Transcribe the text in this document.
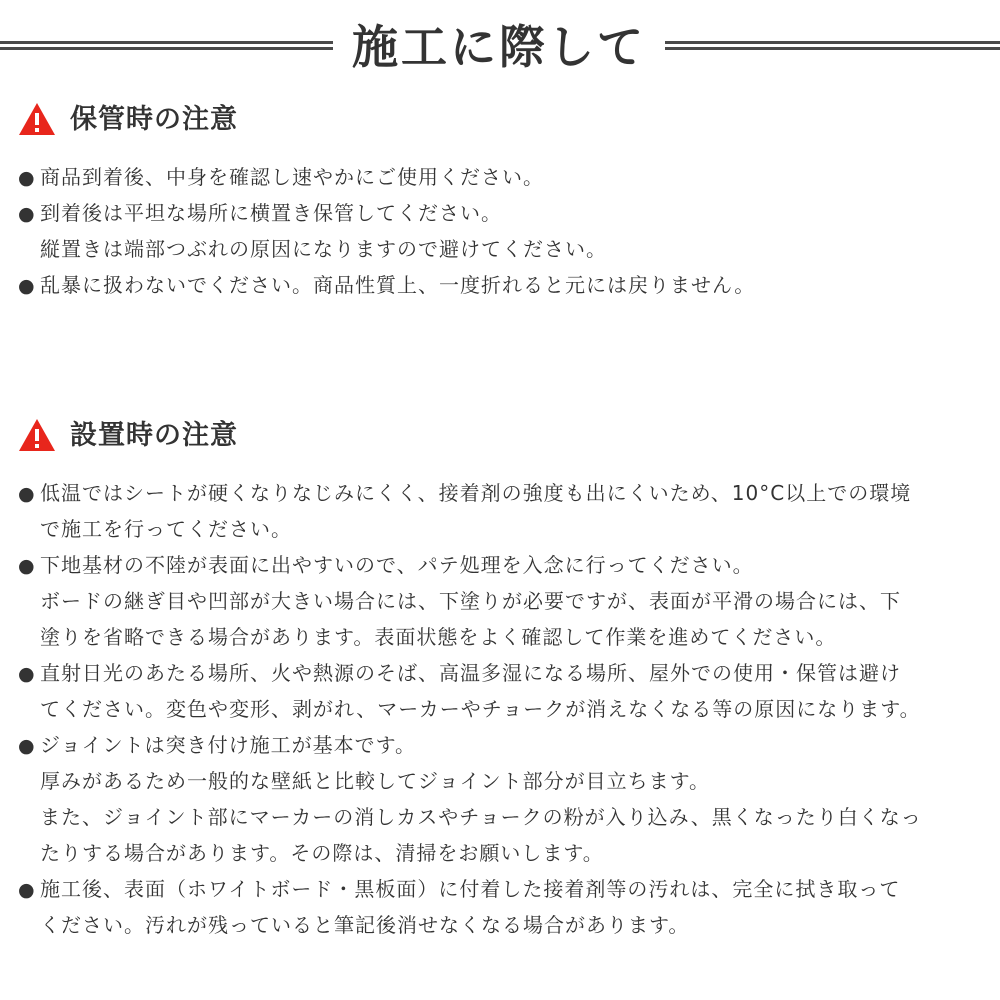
施工に際して
保管時の注意
● 商品到着後、中身を確認し速やかにご使用ください。
● 到着後は平坦な場所に横置き保管してください。
縦置きは端部つぶれの原因になりますので避けてください。
● 乱暴に扱わないでください。商品性質上、一度折れると元には戻りません。
設置時の注意
● 低温ではシートが硬くなりなじみにくく、接着剤の強度も出にくいため、10°C以上での環境
で施工を行ってください。
● 下地基材の不陸が表面に出やすいので、パテ処理を入念に行ってください。
ボードの継ぎ目や凹部が大きい場合には、下塗りが必要ですが、表面が平滑の場合には、下
塗りを省略できる場合があります。表面状態をよく確認して作業を進めてください。
● 直射日光のあたる場所、火や熱源のそば、高温多湿になる場所、屋外での使用・保管は避け
てください。変色や変形、剥がれ、マーカーやチョークが消えなくなる等の原因になります。
● ジョイントは突き付け施工が基本です。
厚みがあるため一般的な壁紙と比較してジョイント部分が目立ちます。
また、ジョイント部にマーカーの消しカスやチョークの粉が入り込み、黒くなったり白くなっ
たりする場合があります。その際は、清掃をお願いします。
● 施工後、表面（ホワイトボード・黒板面）に付着した接着剤等の汚れは、完全に拭き取って
ください。汚れが残っていると筆記後消せなくなる場合があります。
